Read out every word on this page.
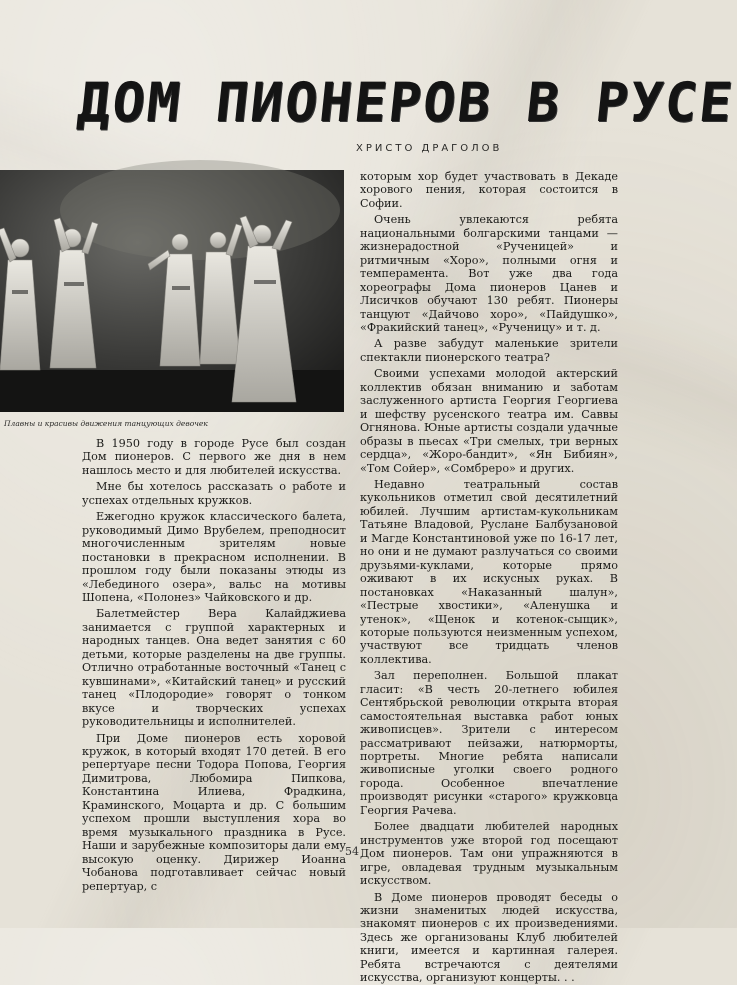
ДОМ ПИОНЕРОВ В РУСЕ
ХРИСТО ДРАГОЛОВ
Плавны и красивы движения танцующих девочек

В 1950 году в городе Русе был создан Дом пионеров. С первого же дня в нем нашлось место и для любителей искусства.

Мне бы хотелось рассказать о работе и успехах отдельных кружков.

Ежегодно кружок классического балета, руководимый Димо Врубелем, преподносит многочисленным зрителям новые постановки в прекрасном исполнении. В прошлом году были показаны этюды из «Лебединого озера», вальс на мотивы Шопена, «Полонез» Чайковского и др.

Балетмейстер Вера Калайджиева занимается с группой характерных и народных танцев. Она ведет занятия с 60 детьми, которые разделены на две группы. Отлично отработанные восточный «Танец с кувшинами», «Китайский танец» и русский танец «Плодородие» говорят о тонком вкусе и творческих успехах руководительницы и исполнителей.

При Доме пионеров есть хоровой кружок, в который входят 170 детей. В его репертуаре песни Тодора Попова, Георгия Димитрова, Любомира Пипкова, Константина Илиева, Фрадкина, Краминского, Моцарта и др. С большим успехом прошли выступления хора во время музыкального праздника в Русе. Наши и зарубежные композиторы дали ему высокую оценку. Дирижер Иоанна Чобанова подготавливает сейчас новый репертуар, с

которым хор будет участвовать в Декаде хорового пения, которая состоится в Софии.

Очень увлекаются ребята национальными болгарскими танцами — жизнерадостной «Рученицей» и ритмичным «Хоро», полными огня и темперамента. Вот уже два года хореографы Дома пионеров Цанев и Лисичков обучают 130 ребят. Пионеры танцуют «Дайчово хоро», «Пайдушко», «Фракийский танец», «Рученицу» и т. д.

А разве забудут маленькие зрители спектакли пионерского театра?

Своими успехами молодой актерский коллектив обязан вниманию и заботам заслуженного артиста Георгия Георгиева и шефству русенского театра им. Саввы Огнянова. Юные артисты создали удачные образы в пьесах «Три смелых, три верных сердца», «Жоро-бандит», «Ян Бибиян», «Том Сойер», «Сомбреро» и других.

Недавно театральный состав кукольников отметил свой десятилетний юбилей. Лучшим артистам-кукольникам Татьяне Владовой, Руслане Балбузановой и Магде Константиновой уже по 16-17 лет, но они и не думают разлучаться со своими друзьями-куклами, которые прямо оживают в их искусных руках. В постановках «Наказанный шалун», «Пестрые хвостики», «Аленушка и утенок», «Щенок и котенок-сыщик», которые пользуются неизменным успехом, участвуют все тридцать членов коллектива.

Зал переполнен. Большой плакат гласит: «В честь 20-летнего юбилея Сентябрьской революции открыта вторая самостоятельная выставка работ юных живописцев». Зрители с интересом рассматривают пейзажи, натюрморты, портреты. Многие ребята написали живописные уголки своего родного города. Особенное впечатление производят рисунки «старого» кружковца Георгия Рачева.

Более двадцати любителей народных инструментов уже второй год посещают Дом пионеров. Там они упражняются в игре, овладевая трудным музыкальным искусством.

В Доме пионеров проводят беседы о жизни знаменитых людей искусства, знакомят пионеров с их произведениями. Здесь же организованы Клуб любителей книги, имеется и картинная галерея. Ребята встречаются с деятелями искусства, организуют концерты. . .

54
